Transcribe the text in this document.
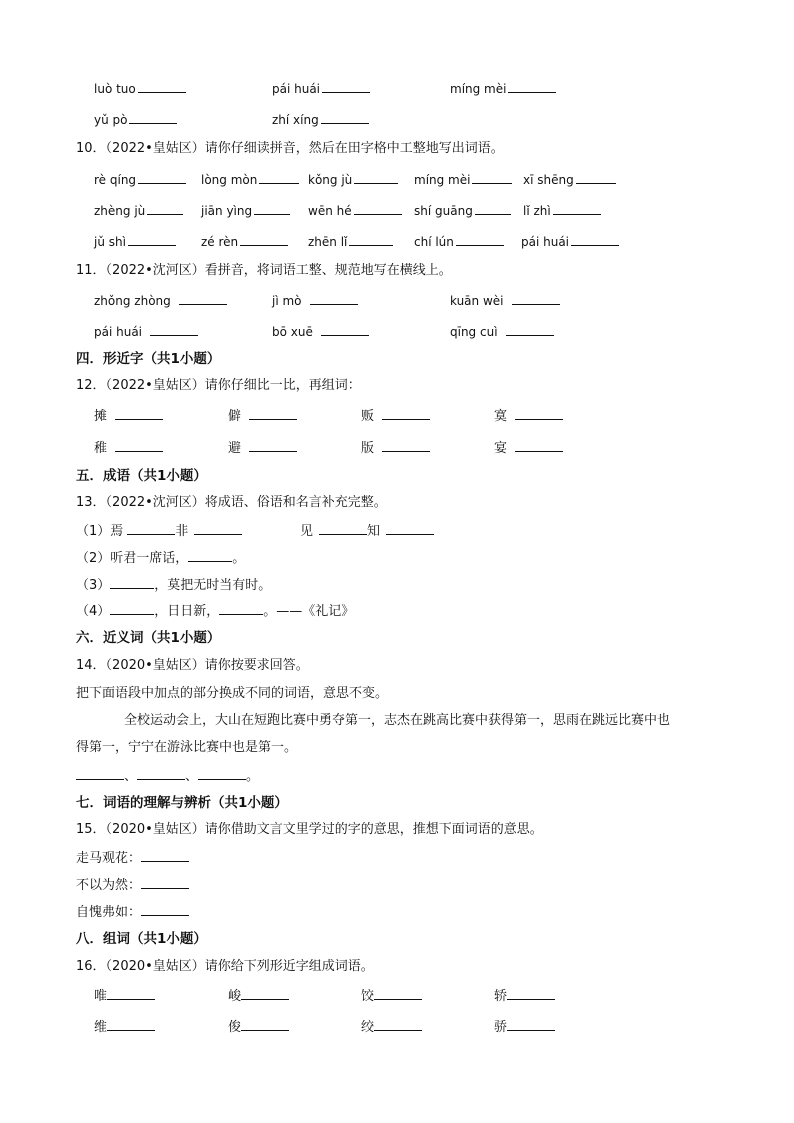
luò tuo	pái huái	míng mèi
yǔ pò	zhí xíng
10．（2022•皇姑区）请你仔细读拼音，然后在田字格中工整地写出词语。
rè qíng	lòng mòn	kǒng jù	míng mèi	xī shēng
zhèng jù	jiān yìng	wēn hé	shí guāng	lǐ zhì
jǔ shì	zé rèn	zhēn lǐ	chí lún	pái huái
11．（2022•沈河区）看拼音，将词语工整、规范地写在横线上。
zhǒng zhòng	jì mò	kuān wèi
pái huái	bō xuē	qīng cuì
四．形近字（共1小题）
12．（2022•皇姑区）请你仔细比一比，再组词：
摊	僻	贩	寞
稚	避	版	宴
五．成语（共1小题）
13．（2022•沈河区）将成语、俗语和名言补充完整。
（1）焉	非	见	知
（2）听君一席话，	。
（3）	，莫把无时当有时。
（4）	，日日新，	。——《礼记》
六．近义词（共1小题）
14．（2020•皇姑区）请你按要求回答。
把下面语段中加点的部分换成不同的词语，意思不变。
全校运动会上，大山在短跑比赛中勇夺第一，志杰在跳高比赛中获得第一，思雨在跳远比赛中也
得第一，宁宁在游泳比赛中也是第一。
、	、	。
七．词语的理解与辨析（共1小题）
15．（2020•皇姑区）请你借助文言文里学过的字的意思，推想下面词语的意思。
走马观花：
不以为然：
自愧弗如：
八．组词（共1小题）
16．（2020•皇姑区）请你给下列形近字组成词语。
唯	峻	饺	轿
维	俊	绞	骄
